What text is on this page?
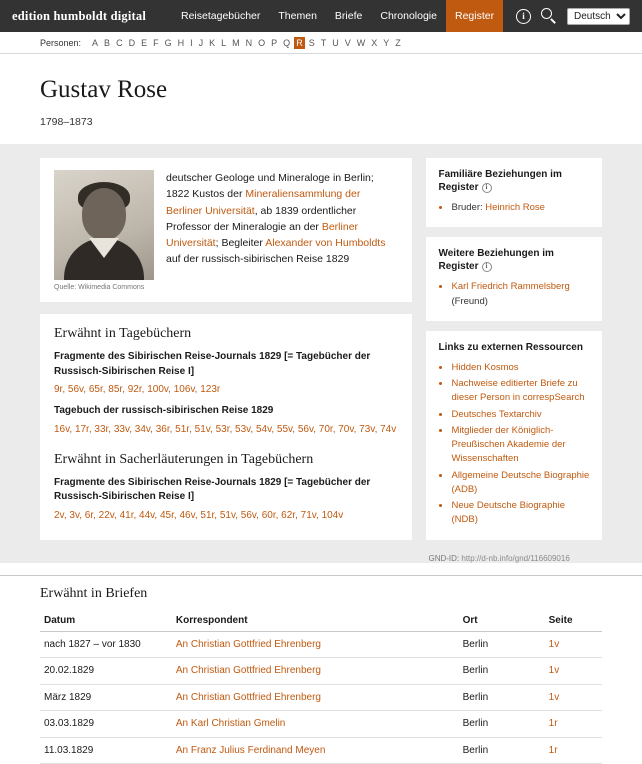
edition humboldt digital	Reisetagebücher	Themen	Briefe	Chronologie	Register	i
Deutsch
Personen:	A B C D E F G H I J K L M N O P Q R S T U V W X Y Z
Gustav Rose
1798–1873
Quelle: Wikimedia Commons
deutscher Geologe und Mineraloge in Berlin; 1822 Kustos der Mineraliensammlung der Berliner Universität, ab 1839 ordentlicher Professor der Mineralogie an der Berliner Universität; Begleiter Alexander von Humboldts auf der russisch-sibirischen Reise 1829
Erwähnt in Tagebüchern
Fragmente des Sibirischen Reise-Journals 1829 [= Tagebücher der Russisch-Sibirischen Reise I]
9r, 56v, 65r, 85r, 92r, 100v, 106v, 123r
Tagebuch der russisch-sibirischen Reise 1829
16v, 17r, 33r, 33v, 34v, 36r, 51r, 51v, 53r, 53v, 54v, 55v, 56v, 70r, 70v, 73v, 74v
Erwähnt in Sacherläuterungen in Tagebüchern
Fragmente des Sibirischen Reise-Journals 1829 [= Tagebücher der Russisch-Sibirischen Reise I]
2v, 3v, 6r, 22v, 41r, 44v, 45r, 46v, 51r, 51v, 56v, 60r, 62r, 71v, 104v
Familiäre Beziehungen im Register i
• Bruder: Heinrich Rose
Weitere Beziehungen im Register i
• Karl Friedrich Rammelsberg (Freund)
Links zu externen Ressourcen
• Hidden Kosmos
• Nachweise editierter Briefe zu dieser Person in correspSearch
• Deutsches Textarchiv
• Mitglieder der Königlich-Preußischen Akademie der Wissenschaften
• Allgemeine Deutsche Biographie (ADB)
• Neue Deutsche Biographie (NDB)
GND-ID: http://d-nb.info/gnd/116609016
Erwähnt in Briefen
Datum	Korrespondent	Ort	Seite
nach 1827 – vor 1830	An Christian Gottfried Ehrenberg	Berlin	1v
20.02.1829	An Christian Gottfried Ehrenberg	Berlin	1v
März 1829	An Christian Gottfried Ehrenberg	Berlin	1v
03.03.1829	An Karl Christian Gmelin	Berlin	1r
11.03.1829	An Franz Julius Ferdinand Meyen	Berlin	1r
